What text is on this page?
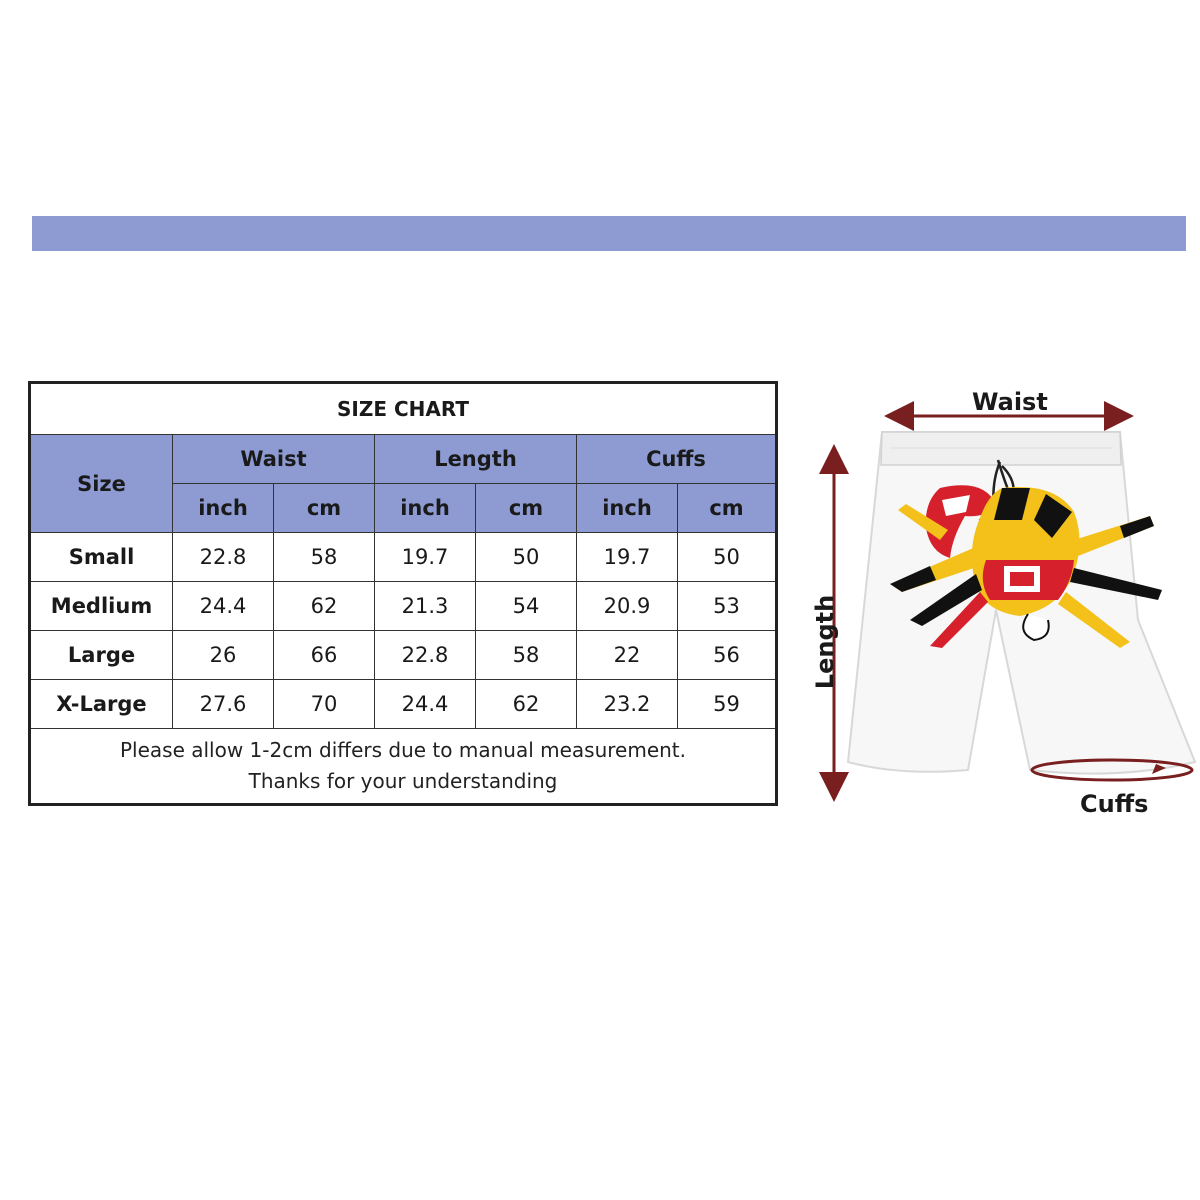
SIZE CHART						
Size	Waist		Length		Cuffs	
	inch	cm	inch	cm	inch	cm
Small	22.8	58	19.7	50	19.7	50
Medlium	24.4	62	21.3	54	20.9	53
Large	26	66	22.8	58	22	56
X-Large	27.6	70	24.4	62	23.2	59

Please allow 1-2cm differs due to manual measurement.
Thanks for your understanding						
Waist
Length
Cuffs
